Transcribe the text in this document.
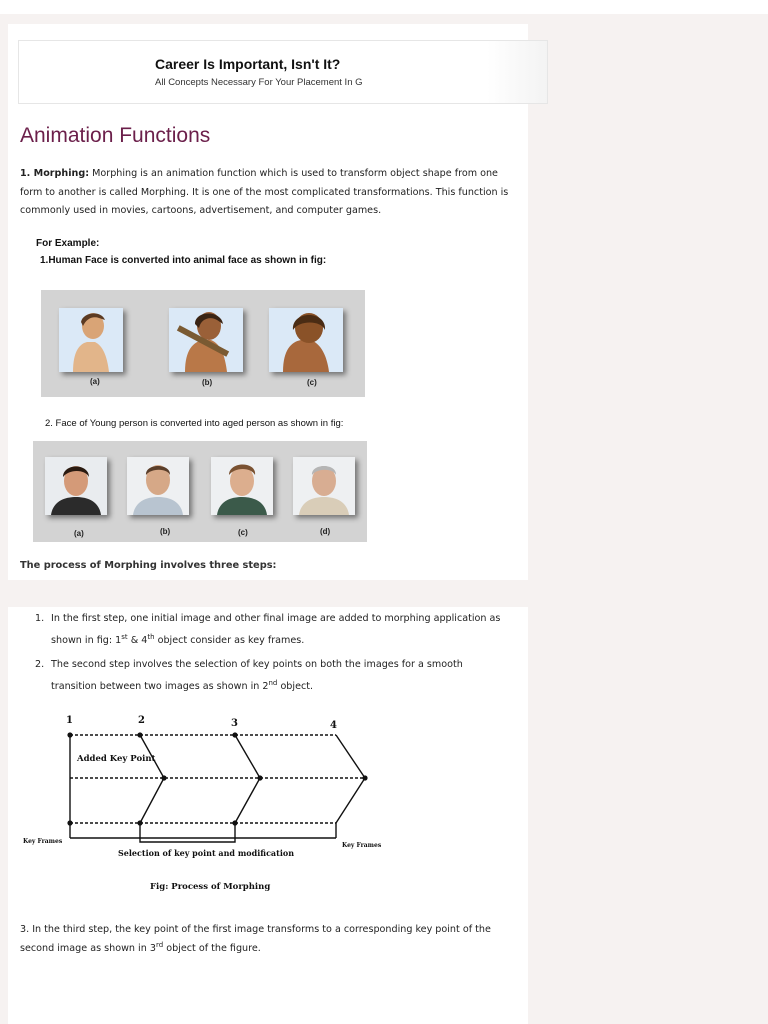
Career Is Important, Isn't It?
All Concepts Necessary For Your Placement In G
Animation Functions
1. Morphing: Morphing is an animation function which is used to transform object shape from one form to another is called Morphing. It is one of the most complicated transformations. This function is commonly used in movies, cartoons, advertisement, and computer games.
For Example:
1.Human Face is converted into animal face as shown in fig:
(a)	(b)	(c)
2. Face of Young person is converted into aged person as shown in fig:
(a)	(b)	(c)	(d)
The process of Morphing involves three steps:
1. In the first step, one initial image and other final image are added to morphing application as shown in fig: 1st & 4th object consider as key frames.
2. The second step involves the selection of key points on both the images for a smooth transition between two images as shown in 2nd object.
1	2	3	4
Added Key Point
Key Frames
Key Frames
Selection of key point and modification
Fig: Process of Morphing
3. In the third step, the key point of the first image transforms to a corresponding key point of the second image as shown in 3rd object of the figure.
